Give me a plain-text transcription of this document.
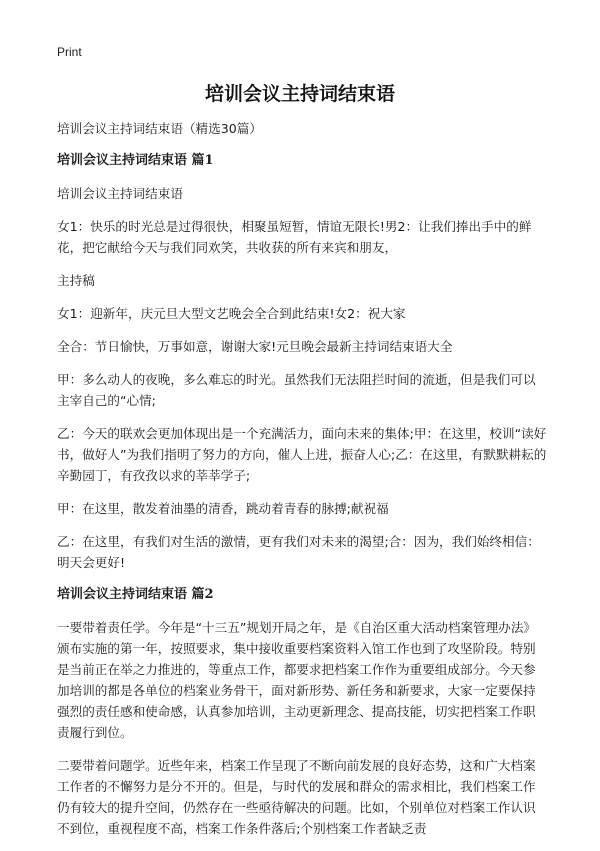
Print
培训会议主持词结束语

培训会议主持词结束语（精选30篇）

培训会议主持词结束语 篇1

培训会议主持词结束语

女1：快乐的时光总是过得很快，相聚虽短暂，情谊无限长!男2：让我们捧出手中的鲜花，把它献给今天与我们同欢笑，共收获的所有来宾和朋友，

主持稿

女1：迎新年，庆元旦大型文艺晚会全合到此结束!女2：祝大家

全合：节日愉快，万事如意，谢谢大家!元旦晚会最新主持词结束语大全

甲：多么动人的夜晚，多么难忘的时光。虽然我们无法阻拦时间的流逝，但是我们可以主宰自己的“心情;

乙：今天的联欢会更加体现出是一个充满活力，面向未来的集体;甲：在这里，校训“读好书，做好人”为我们指明了努力的方向，催人上进，振奋人心;乙：在这里，有默默耕耘的辛勤园丁，有孜孜以求的莘莘学子;

甲：在这里，散发着油墨的清香，跳动着青春的脉搏;献祝福

乙：在这里，有我们对生活的激情，更有我们对未来的渴望;合：因为，我们始终相信：明天会更好!

培训会议主持词结束语 篇2

一要带着责任学。今年是“十三五”规划开局之年，是《自治区重大活动档案管理办法》颁布实施的第一年，按照要求，集中接收重要档案资料入馆工作也到了攻坚阶段。特别是当前正在举之力推进的，等重点工作，都要求把档案工作作为重要组成部分。今天参加培训的都是各单位的档案业务骨干，面对新形势、新任务和新要求，大家一定要保持强烈的责任感和使命感，认真参加培训，主动更新理念、提高技能，切实把档案工作职责履行到位。

二要带着问题学。近些年来，档案工作呈现了不断向前发展的良好态势，这和广大档案工作者的不懈努力是分不开的。但是，与时代的发展和群众的需求相比，我们档案工作仍有较大的提升空间，仍然存在一些亟待解决的问题。比如，个别单位对档案工作认识不到位，重视程度不高，档案工作条件落后;个别档案工作者缺乏责
